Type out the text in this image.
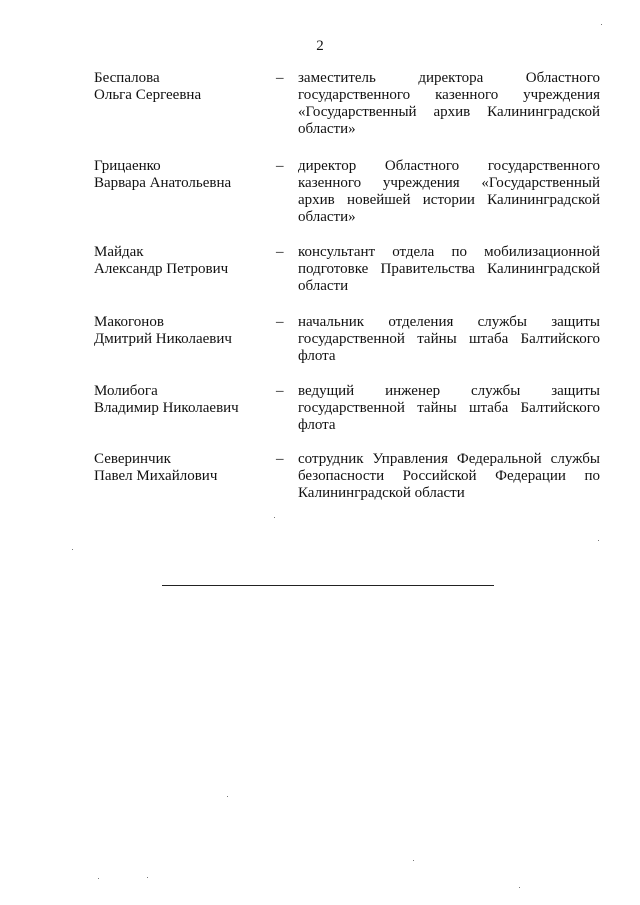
2
Беспалова
Ольга Сергеевна
– заместитель директора Областного государственного казенного учреждения «Государственный архив Калининградской области»
Грицаенко
Варвара Анатольевна
– директор Областного государственного казенного учреждения «Государственный архив новейшей истории Калининградской области»
Майдак
Александр Петрович
– консультант отдела по мобилизационной подготовке Правительства Калининградской области
Макогонов
Дмитрий Николаевич
– начальник отделения службы защиты государственной тайны штаба Балтийского флота
Молибога
Владимир Николаевич
– ведущий инженер службы защиты государственной тайны штаба Балтийского флота
Северинчик
Павел Михайлович
– сотрудник Управления Федеральной службы безопасности Российской Федерации по Калининградской области
